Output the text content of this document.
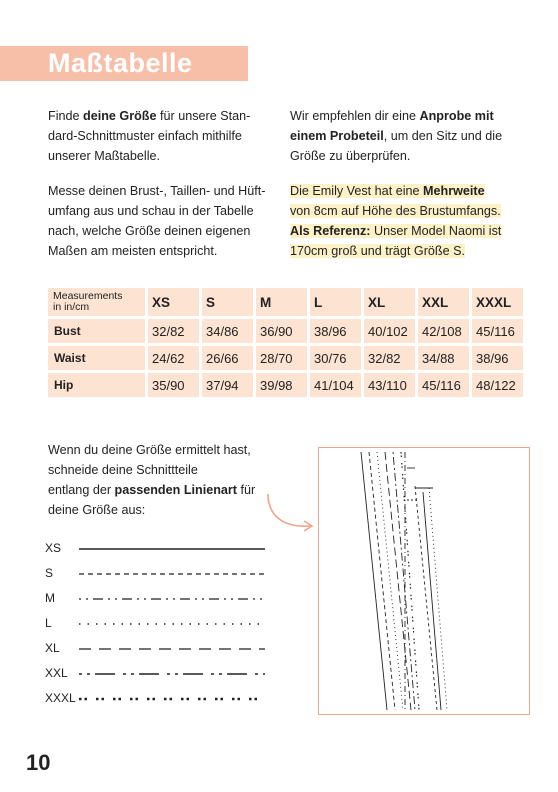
Maßtabelle

Finde deine Größe für unsere Stan-
dard-Schnittmuster einfach mithilfe
unserer Maßtabelle.

Messe deinen Brust-, Taillen- und Hüft-
umfang aus und schau in der Tabelle
nach, welche Größe deinen eigenen
Maßen am meisten entspricht.

Wir empfehlen dir eine Anprobe mit
einem Probeteil, um den Sitz und die
Größe zu überprüfen.

Die Emily Vest hat eine Mehrweite
von 8cm auf Höhe des Brustumfangs.
Als Referenz: Unser Model Naomi ist
170cm groß und trägt Größe S.

Measurements
in in/cm	XS	S	M	L	XL	XXL	XXXL
Bust	32/82	34/86	36/90	38/96	40/102	42/108	45/116
Waist	24/62	26/66	28/70	30/76	32/82	34/88	38/96
Hip	35/90	37/94	39/98	41/104	43/110	45/116	48/122

Wenn du deine Größe ermittelt hast,
schneide deine Schnittteile
entlang der passenden Linienart für
deine Größe aus:

XS
S
M
L
XL
XXL
XXXL
10
